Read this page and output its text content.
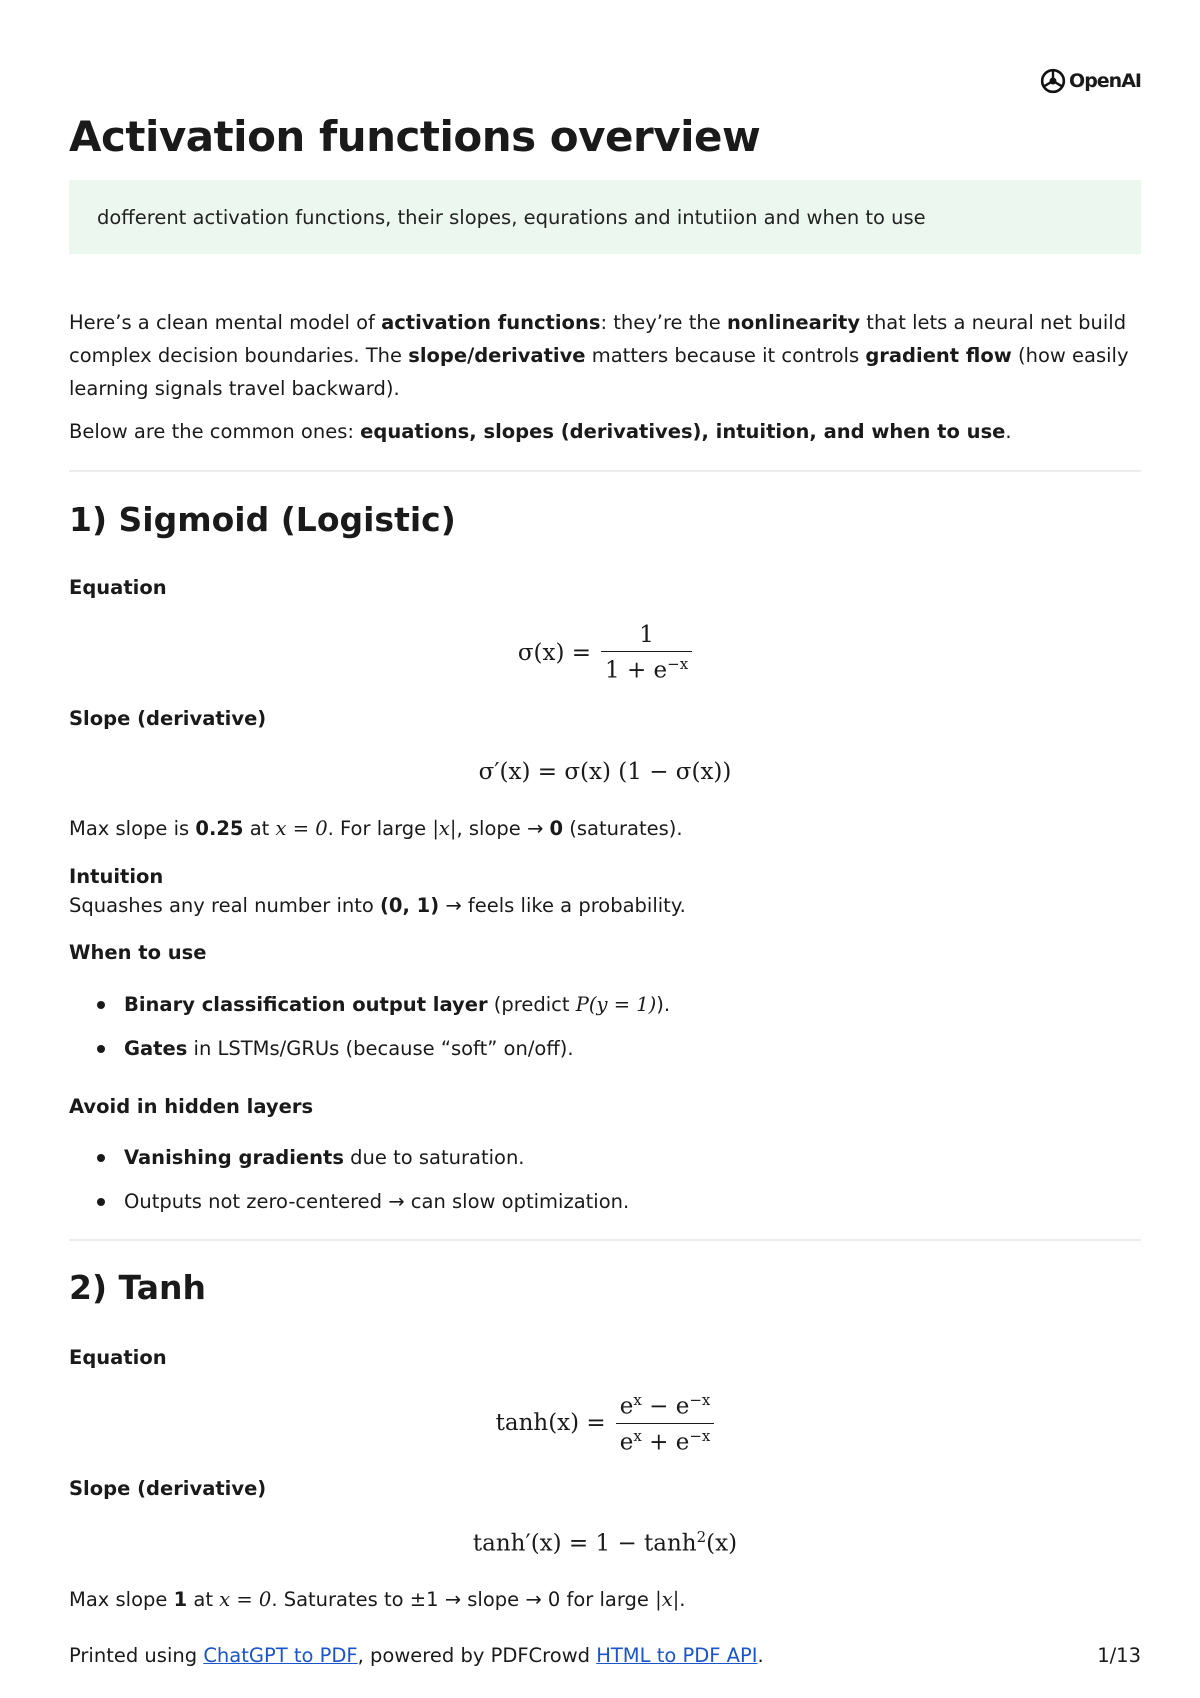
OpenAI
Activation functions overview
dofferent activation functions, their slopes, equrations and intutiion and when to use

Here’s a clean mental model of activation functions: they’re the nonlinearity that lets a neural net build complex decision boundaries. The slope/derivative matters because it controls gradient flow (how easily learning signals travel backward).

Below are the common ones: equations, slopes (derivatives), intuition, and when to use.

1) Sigmoid (Logistic)

Equation

$\sigma(x) = \frac{1}{1 + e^{-x}}$

Slope (derivative)

σ′(x) = σ(x) (1 − σ(x))

Max slope is 0.25 at x = 0. For large |x|, slope → 0 (saturates).

Intuition

Squashes any real number into (0, 1) → feels like a probability.

When to use

Binary classification output layer (predict P(y = 1)).
Gates in LSTMs/GRUs (because “soft” on/off).

Avoid in hidden layers

Vanishing gradients due to saturation.
Outputs not zero-centered → can slow optimization.
2) Tanh

Equation

$\tanh(x) = \frac{e^x - e^{-x}}{e^x + e^{-x}}$

Slope (derivative)

$\tanh'(x) = 1 - \tanh^2(x)$

Max slope 1 at x = 0. Saturates to ±1 → slope → 0 for large |x|.

Printed using ChatGPT to PDF, powered by PDFCrowd HTML to PDF API.	1/13
